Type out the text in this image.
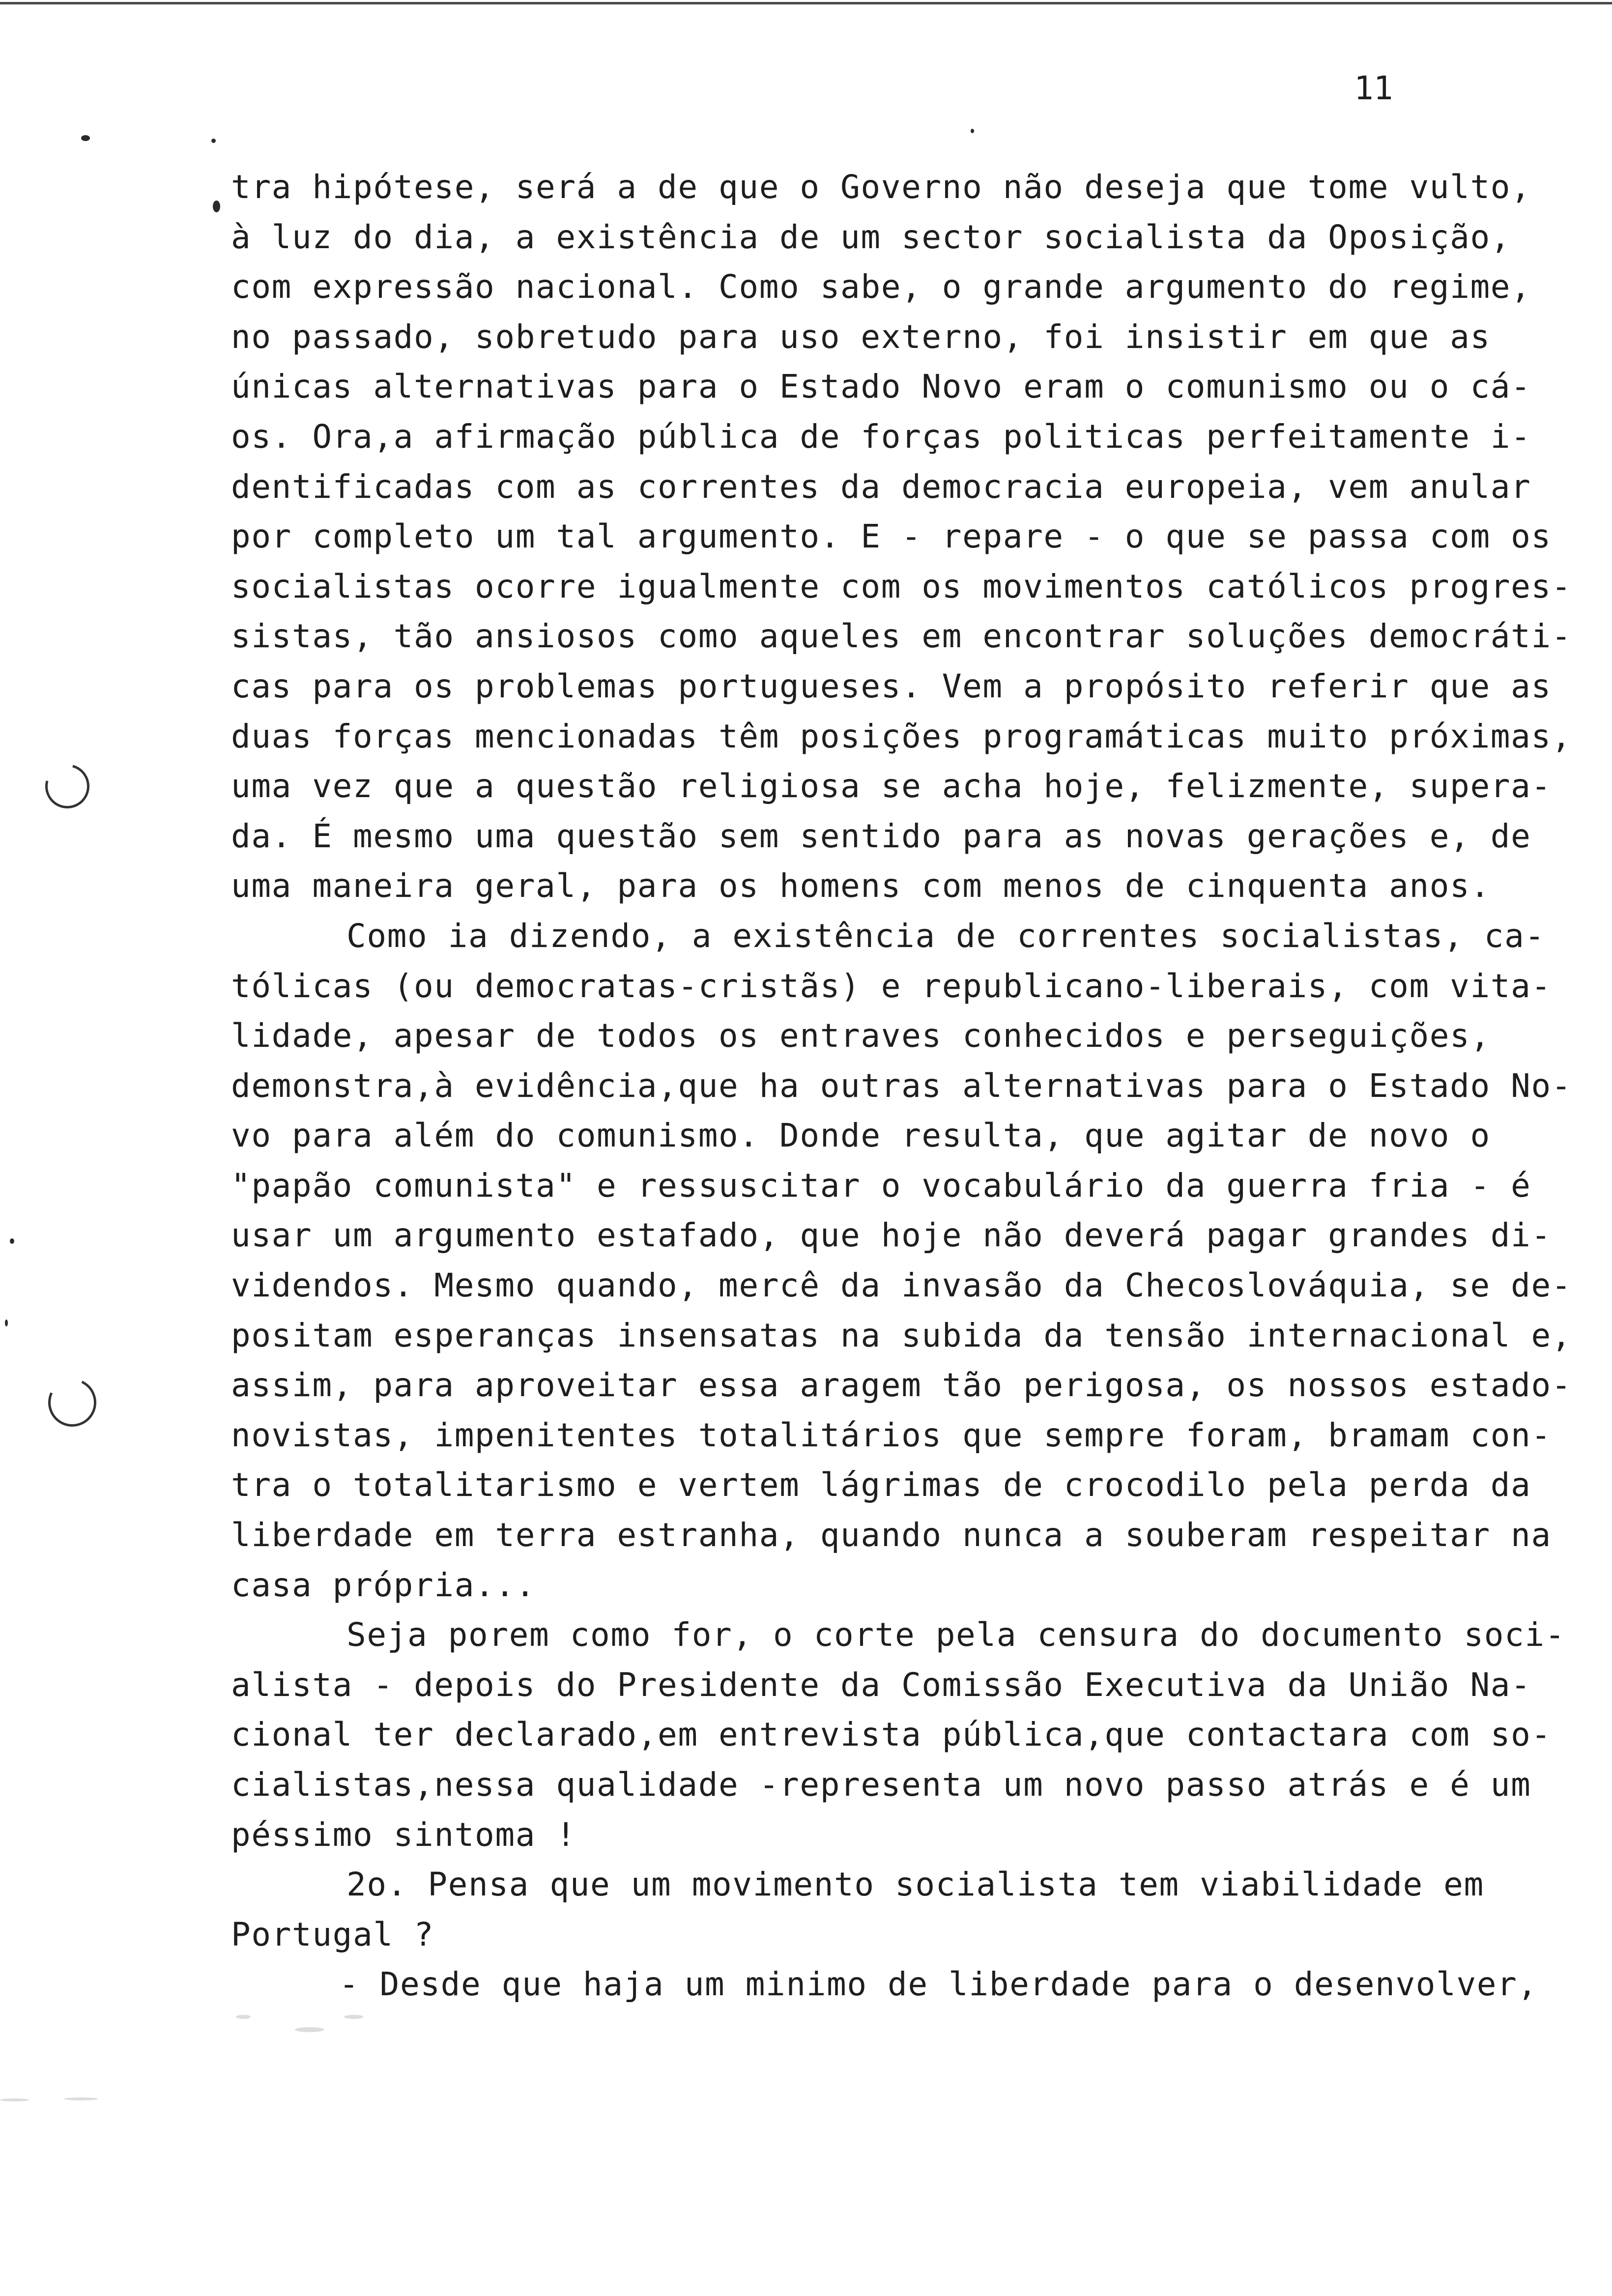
11
tra hipótese, será a de que o Governo não deseja que tome vulto,
à luz do dia, a existência de um sector socialista da Oposição,
com expressão nacional. Como sabe, o grande argumento do regime,
no passado, sobretudo para uso externo, foi insistir em que as
únicas alternativas para o Estado Novo eram o comunismo ou o cá-
os. Ora,a afirmação pública de forças politicas perfeitamente i-
dentificadas com as correntes da democracia europeia, vem anular
por completo um tal argumento. E - repare - o que se passa com os
socialistas ocorre igualmente com os movimentos católicos progres-
sistas, tão ansiosos como aqueles em encontrar soluções democráti-
cas para os problemas portugueses. Vem a propósito referir que as
duas forças mencionadas têm posições programáticas muito próximas,
uma vez que a questão religiosa se acha hoje, felizmente, supera-
da. É mesmo uma questão sem sentido para as novas gerações e, de
uma maneira geral, para os homens com menos de cinquenta anos.
Como ia dizendo, a existência de correntes socialistas, ca-
tólicas (ou democratas-cristãs) e republicano-liberais, com vita-
lidade, apesar de todos os entraves conhecidos e perseguições,
demonstra,à evidência,que ha outras alternativas para o Estado No-
vo para além do comunismo. Donde resulta, que agitar de novo o
"papão comunista" e ressuscitar o vocabulário da guerra fria - é
usar um argumento estafado, que hoje não deverá pagar grandes di-
videndos. Mesmo quando, mercê da invasão da Checoslováquia, se de-
positam esperanças insensatas na subida da tensão internacional e,
assim, para aproveitar essa aragem tão perigosa, os nossos estado-
novistas, impenitentes totalitários que sempre foram, bramam con-
tra o totalitarismo e vertem lágrimas de crocodilo pela perda da
liberdade em terra estranha, quando nunca a souberam respeitar na
casa própria...
Seja porem como for, o corte pela censura do documento soci-
alista - depois do Presidente da Comissão Executiva da União Na-
cional ter declarado,em entrevista pública,que contactara com so-
cialistas,nessa qualidade -representa um novo passo atrás e é um
péssimo sintoma !
2o. Pensa que um movimento socialista tem viabilidade em
Portugal ?
- Desde que haja um minimo de liberdade para o desenvolver,
